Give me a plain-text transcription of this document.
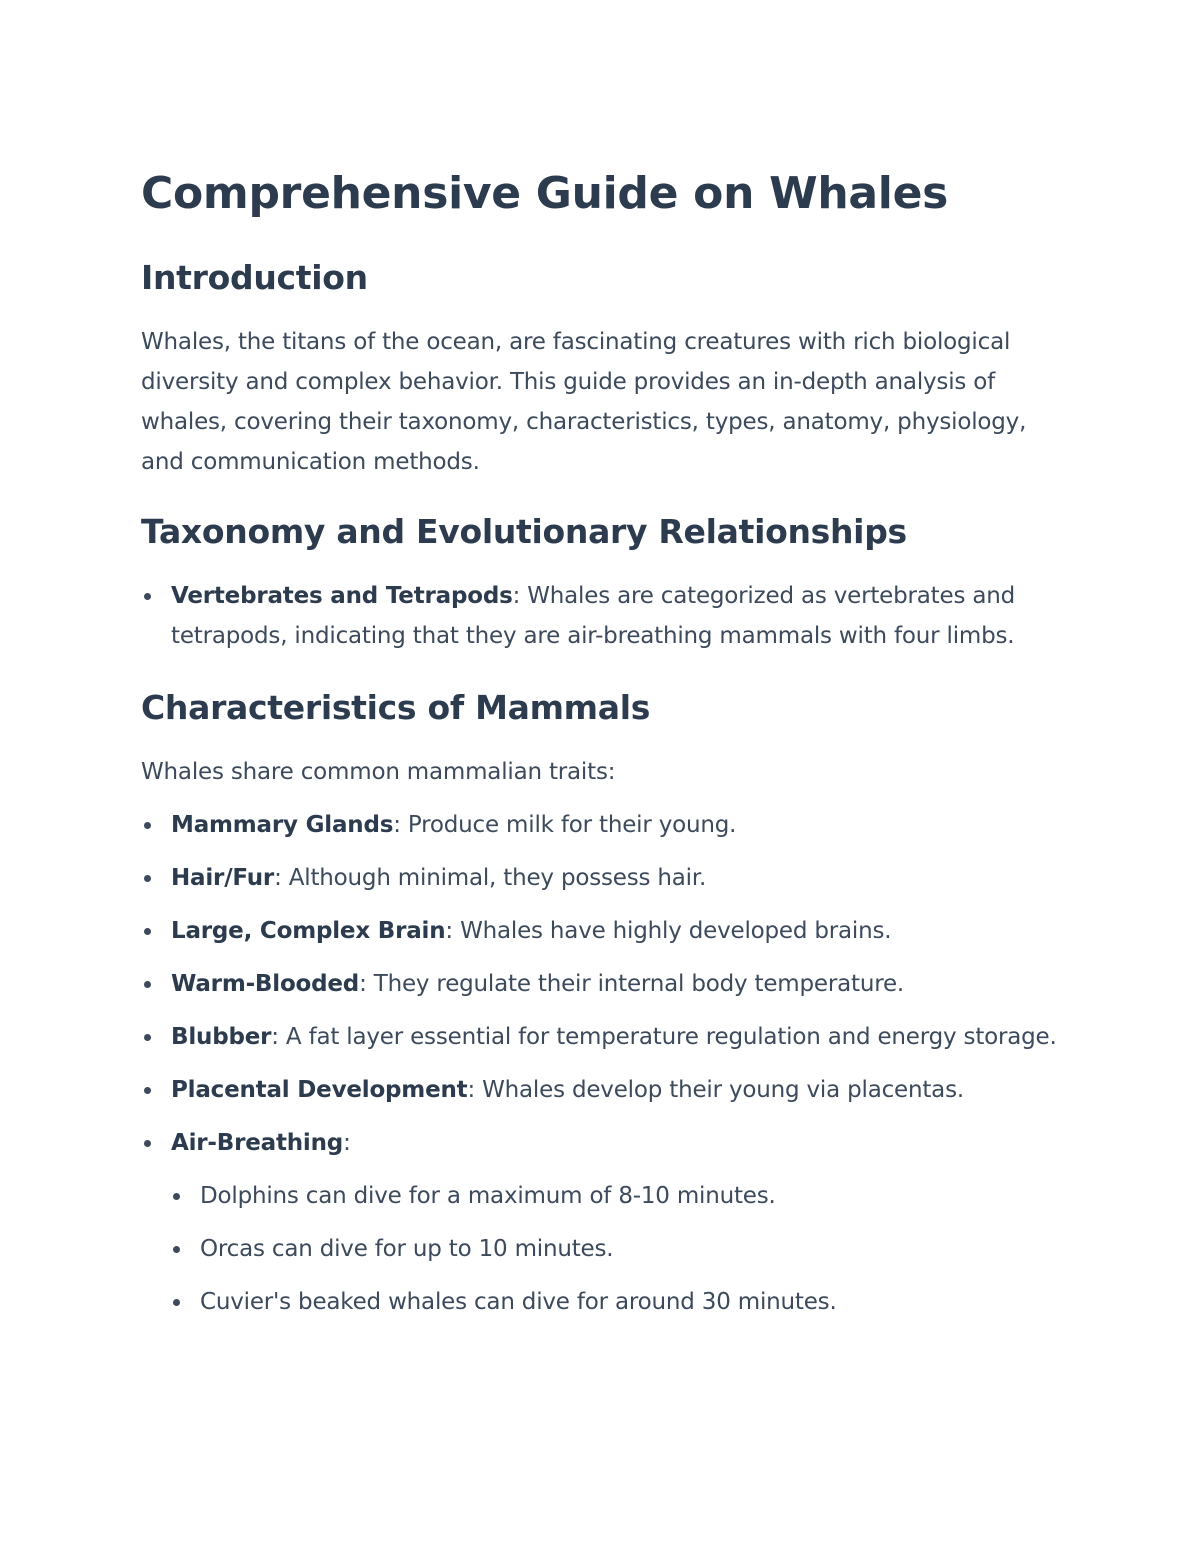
Comprehensive Guide on Whales
Introduction

Whales, the titans of the ocean, are fascinating creatures with rich biological diversity and complex behavior. This guide provides an in-depth analysis of whales, covering their taxonomy, characteristics, types, anatomy, physiology, and communication methods.

Taxonomy and Evolutionary Relationships
Vertebrates and Tetrapods: Whales are categorized as vertebrates and tetrapods, indicating that they are air-breathing mammals with four limbs.
Characteristics of Mammals

Whales share common mammalian traits:

Mammary Glands: Produce milk for their young.
Hair/Fur: Although minimal, they possess hair.
Large, Complex Brain: Whales have highly developed brains.
Warm-Blooded: They regulate their internal body temperature.
Blubber: A fat layer essential for temperature regulation and energy storage.
Placental Development: Whales develop their young via placentas.
Air-Breathing:
Dolphins can dive for a maximum of 8-10 minutes.
Orcas can dive for up to 10 minutes.
Cuvier's beaked whales can dive for around 30 minutes.
